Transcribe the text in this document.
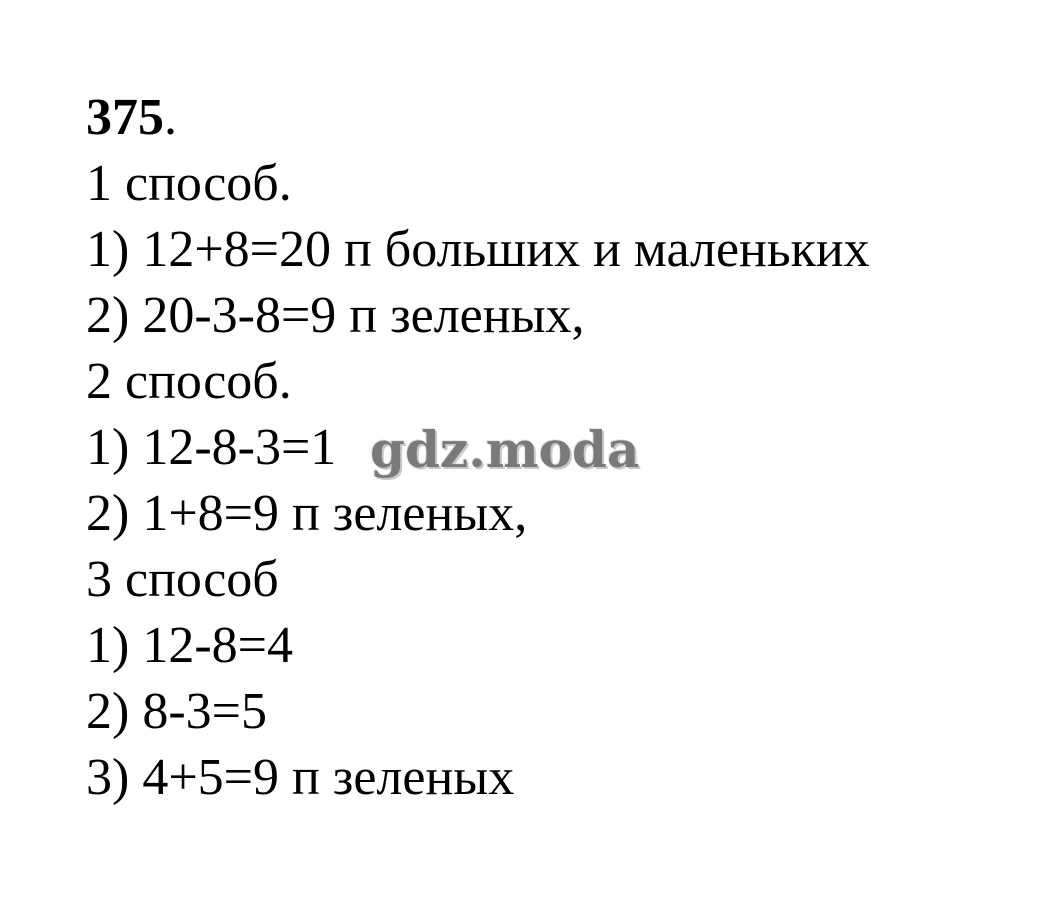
375.
1 способ.
1) 12+8=20 п больших и маленьких
2) 20-3-8=9 п зеленых,
2 способ.
1) 12-8-3=1
2) 1+8=9 п зеленых,
3 способ
1) 12-8=4
2) 8-3=5
3) 4+5=9 п зеленых
gdz.moda
